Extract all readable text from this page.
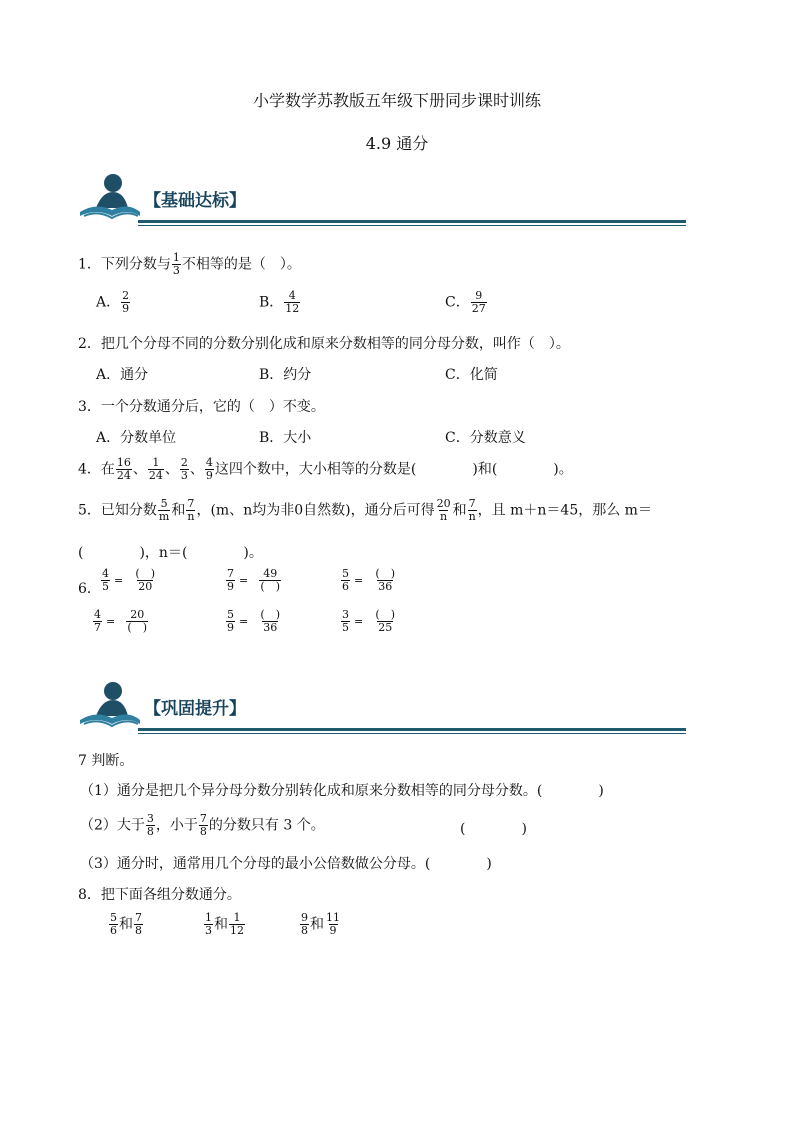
小学数学苏教版五年级下册同步课时训练
4.9 通分
【基础达标】
1．下列分数与 $\frac{1}{3}$ 不相等的是（　）。
A． $\frac{2}{9}$	B． $\frac{4}{12}$	C． $\frac{9}{27}$
2．把几个分母不同的分数分别化成和原来分数相等的同分母分数，叫作（　）。
A．通分	B．约分	C．化简
3．一个分数通分后，它的（　）不变。
A．分数单位	B．大小	C．分数意义
4．在 $\frac{16}{24}$ 、 $\frac{1}{24}$ 、 $\frac{2}{3}$ 、 $\frac{4}{9}$ 这四个数中，大小相等的分数是(　　　　)和(　　　　)。
5．已知分数 $\frac{5}{m}$ 和 $\frac{7}{n}$ ，(m、n均为非0自然数)，通分后可得 $\frac{20}{n}$ 和 $\frac{7}{n}$ ，且 m＋n＝45，那么 m＝
(　　　　)，n＝(　　　　)。
6． $\frac{4}{5} = \frac{( )}{20}$	$\frac{7}{9} = \frac{49}{( )}$	$\frac{5}{6} = \frac{( )}{36}$
$\frac{4}{7} = \frac{20}{( )}$	$\frac{5}{9} = \frac{( )}{36}$	$\frac{3}{5} = \frac{( )}{25}$
【巩固提升】
7 判断。
（1）通分是把几个异分母分数分别转化成和原来分数相等的同分母分数。(　　　　)
（2）大于 $\frac{3}{8}$ ，小于 $\frac{7}{8}$ 的分数只有 3 个。	(　　　　)
（3）通分时，通常用几个分母的最小公倍数做公分母。(　　　　)
8．把下面各组分数通分。
$\frac{5}{6}$ 和 $\frac{7}{8}$	$\frac{1}{3}$ 和 $\frac{1}{12}$	$\frac{9}{8}$ 和 $\frac{11}{9}$
